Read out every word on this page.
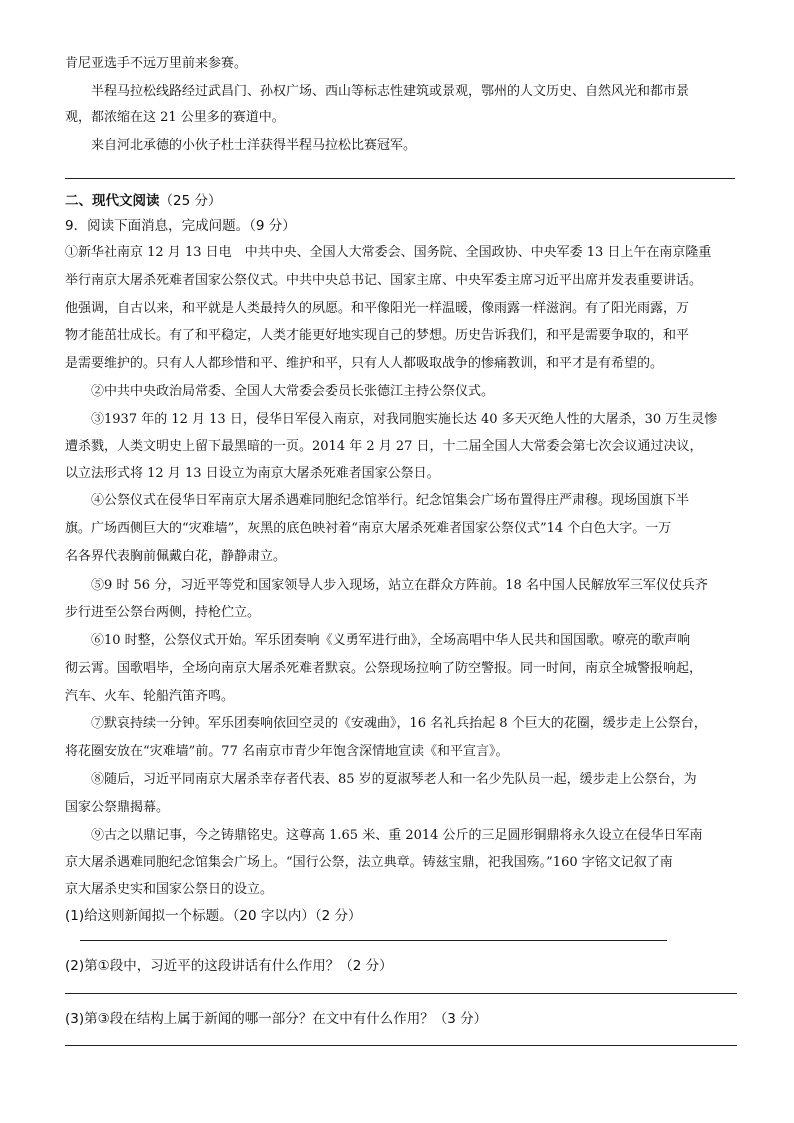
肯尼亚选手不远万里前来参赛。
半程马拉松线路经过武昌门、孙权广场、西山等标志性建筑或景观，鄂州的人文历史、自然风光和都市景
观，都浓缩在这 21 公里多的赛道中。
来自河北承德的小伙子杜士洋获得半程马拉松比赛冠军。
二、现代文阅读（25 分）
9．阅读下面消息，完成问题。（9 分）
①新华社南京 12 月 13 日电　中共中央、全国人大常委会、国务院、全国政协、中央军委 13 日上午在南京隆重
举行南京大屠杀死难者国家公祭仪式。中共中央总书记、国家主席、中央军委主席习近平出席并发表重要讲话。
他强调，自古以来，和平就是人类最持久的夙愿。和平像阳光一样温暖，像雨露一样滋润。有了阳光雨露，万
物才能茁壮成长。有了和平稳定，人类才能更好地实现自己的梦想。历史告诉我们，和平是需要争取的，和平
是需要维护的。只有人人都珍惜和平、维护和平，只有人人都吸取战争的惨痛教训，和平才是有希望的。
②中共中央政治局常委、全国人大常委会委员长张德江主持公祭仪式。
③1937 年的 12 月 13 日，侵华日军侵入南京，对我同胞实施长达 40 多天灭绝人性的大屠杀，30 万生灵惨
遭杀戮，人类文明史上留下最黑暗的一页。2014 年 2 月 27 日，十二届全国人大常委会第七次会议通过决议，
以立法形式将 12 月 13 日设立为南京大屠杀死难者国家公祭日。
④公祭仪式在侵华日军南京大屠杀遇难同胞纪念馆举行。纪念馆集会广场布置得庄严肃穆。现场国旗下半
旗。广场西侧巨大的“灾难墙”，灰黑的底色映衬着“南京大屠杀死难者国家公祭仪式”14 个白色大字。一万
名各界代表胸前佩戴白花，静静肃立。
⑤9 时 56 分，习近平等党和国家领导人步入现场，站立在群众方阵前。18 名中国人民解放军三军仪仗兵齐
步行进至公祭台两侧，持枪伫立。
⑥10 时整，公祭仪式开始。军乐团奏响《义勇军进行曲》，全场高唱中华人民共和国国歌。嘹亮的歌声响
彻云霄。国歌唱毕，全场向南京大屠杀死难者默哀。公祭现场拉响了防空警报。同一时间，南京全城警报响起，
汽车、火车、轮船汽笛齐鸣。
⑦默哀持续一分钟。军乐团奏响依回空灵的《安魂曲》，16 名礼兵抬起 8 个巨大的花圈，缓步走上公祭台，
将花圈安放在“灾难墙”前。77 名南京市青少年饱含深情地宣读《和平宣言》。
⑧随后，习近平同南京大屠杀幸存者代表、85 岁的夏淑琴老人和一名少先队员一起，缓步走上公祭台，为
国家公祭鼎揭幕。
⑨古之以鼎记事，今之铸鼎铭史。这尊高 1.65 米、重 2014 公斤的三足圆形铜鼎将永久设立在侵华日军南
京大屠杀遇难同胞纪念馆集会广场上。“国行公祭，法立典章。铸兹宝鼎，祀我国殇。”160 字铭文记叙了南
京大屠杀史实和国家公祭日的设立。
(1)给这则新闻拟一个标题。（20 字以内）（2 分）
(2)第①段中，习近平的这段讲话有什么作用？（2 分）
(3)第③段在结构上属于新闻的哪一部分？在文中有什么作用？（3 分）
